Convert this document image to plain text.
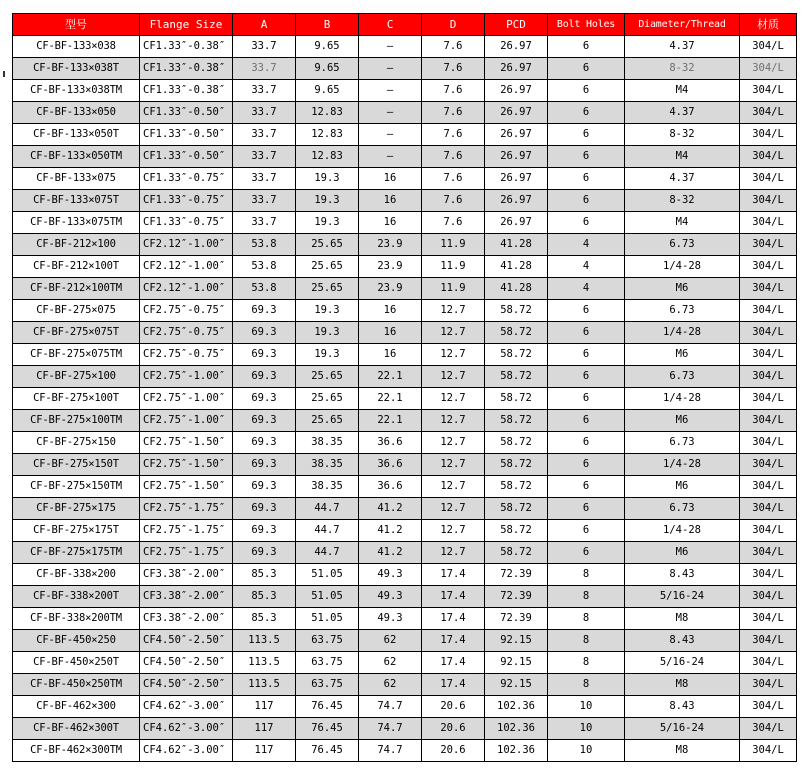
型号	Flange Size	A	B	C	D	PCD	Bolt Holes	Diameter/Thread	材质
CF-BF-133×038	CF1.33″-0.38″	33.7	9.65	—	7.6	26.97	6	4.37	304/L
CF-BF-133×038T	CF1.33″-0.38″	33.7	9.65	—	7.6	26.97	6	8-32	304/L
CF-BF-133×038TM	CF1.33″-0.38″	33.7	9.65	—	7.6	26.97	6	M4	304/L
CF-BF-133×050	CF1.33″-0.50″	33.7	12.83	—	7.6	26.97	6	4.37	304/L
CF-BF-133×050T	CF1.33″-0.50″	33.7	12.83	—	7.6	26.97	6	8-32	304/L
CF-BF-133×050TM	CF1.33″-0.50″	33.7	12.83	—	7.6	26.97	6	M4	304/L
CF-BF-133×075	CF1.33″-0.75″	33.7	19.3	16	7.6	26.97	6	4.37	304/L
CF-BF-133×075T	CF1.33″-0.75″	33.7	19.3	16	7.6	26.97	6	8-32	304/L
CF-BF-133×075TM	CF1.33″-0.75″	33.7	19.3	16	7.6	26.97	6	M4	304/L
CF-BF-212×100	CF2.12″-1.00″	53.8	25.65	23.9	11.9	41.28	4	6.73	304/L
CF-BF-212×100T	CF2.12″-1.00″	53.8	25.65	23.9	11.9	41.28	4	1/4-28	304/L
CF-BF-212×100TM	CF2.12″-1.00″	53.8	25.65	23.9	11.9	41.28	4	M6	304/L
CF-BF-275×075	CF2.75″-0.75″	69.3	19.3	16	12.7	58.72	6	6.73	304/L
CF-BF-275×075T	CF2.75″-0.75″	69.3	19.3	16	12.7	58.72	6	1/4-28	304/L
CF-BF-275×075TM	CF2.75″-0.75″	69.3	19.3	16	12.7	58.72	6	M6	304/L
CF-BF-275×100	CF2.75″-1.00″	69.3	25.65	22.1	12.7	58.72	6	6.73	304/L
CF-BF-275×100T	CF2.75″-1.00″	69.3	25.65	22.1	12.7	58.72	6	1/4-28	304/L
CF-BF-275×100TM	CF2.75″-1.00″	69.3	25.65	22.1	12.7	58.72	6	M6	304/L
CF-BF-275×150	CF2.75″-1.50″	69.3	38.35	36.6	12.7	58.72	6	6.73	304/L
CF-BF-275×150T	CF2.75″-1.50″	69.3	38.35	36.6	12.7	58.72	6	1/4-28	304/L
CF-BF-275×150TM	CF2.75″-1.50″	69.3	38.35	36.6	12.7	58.72	6	M6	304/L
CF-BF-275×175	CF2.75″-1.75″	69.3	44.7	41.2	12.7	58.72	6	6.73	304/L
CF-BF-275×175T	CF2.75″-1.75″	69.3	44.7	41.2	12.7	58.72	6	1/4-28	304/L
CF-BF-275×175TM	CF2.75″-1.75″	69.3	44.7	41.2	12.7	58.72	6	M6	304/L
CF-BF-338×200	CF3.38″-2.00″	85.3	51.05	49.3	17.4	72.39	8	8.43	304/L
CF-BF-338×200T	CF3.38″-2.00″	85.3	51.05	49.3	17.4	72.39	8	5/16-24	304/L
CF-BF-338×200TM	CF3.38″-2.00″	85.3	51.05	49.3	17.4	72.39	8	M8	304/L
CF-BF-450×250	CF4.50″-2.50″	113.5	63.75	62	17.4	92.15	8	8.43	304/L
CF-BF-450×250T	CF4.50″-2.50″	113.5	63.75	62	17.4	92.15	8	5/16-24	304/L
CF-BF-450×250TM	CF4.50″-2.50″	113.5	63.75	62	17.4	92.15	8	M8	304/L
CF-BF-462×300	CF4.62″-3.00″	117	76.45	74.7	20.6	102.36	10	8.43	304/L
CF-BF-462×300T	CF4.62″-3.00″	117	76.45	74.7	20.6	102.36	10	5/16-24	304/L
CF-BF-462×300TM	CF4.62″-3.00″	117	76.45	74.7	20.6	102.36	10	M8	304/L
